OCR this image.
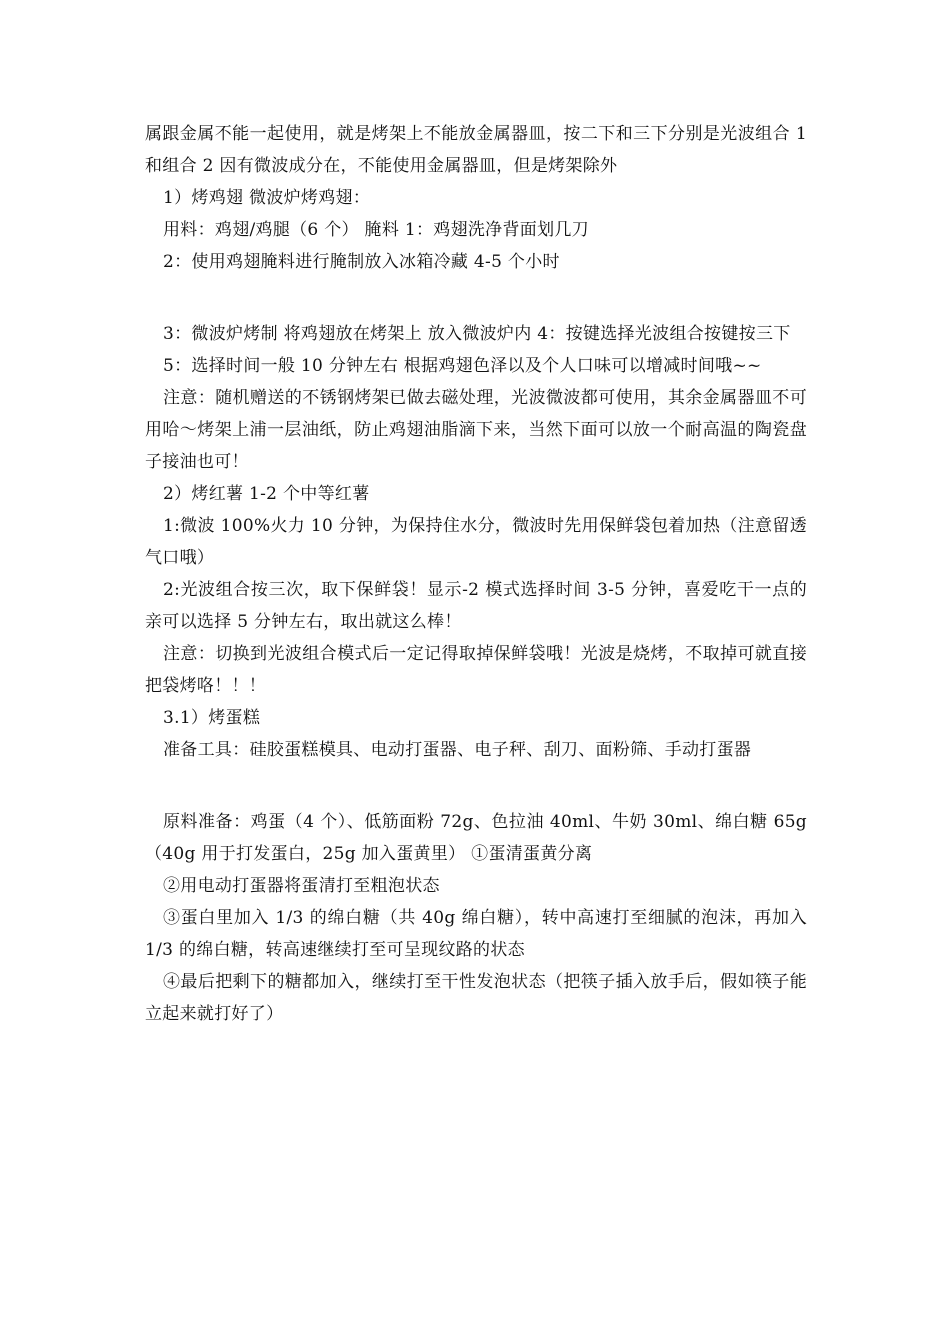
属跟金属不能一起使用，就是烤架上不能放金属器皿，按二下和三下分别是光波组合 1 和组合 2 因有微波成分在，不能使用金属器皿，但是烤架除外

1）烤鸡翅 微波炉烤鸡翅：

用料：鸡翅/鸡腿（6 个） 腌料 1：鸡翅洗净背面划几刀

2：使用鸡翅腌料进行腌制放入冰箱冷藏 4-5 个小时

3：微波炉烤制 将鸡翅放在烤架上 放入微波炉内 4：按键选择光波组合按键按三下

5：选择时间一般 10 分钟左右 根据鸡翅色泽以及个人口味可以增减时间哦~~

注意：随机赠送的不锈钢烤架已做去磁处理，光波微波都可使用，其余金属器皿不可用哈～烤架上浦一层油纸，防止鸡翅油脂滴下来，当然下面可以放一个耐高温的陶瓷盘子接油也可！

2）烤红薯 1-2 个中等红薯

1:微波 100%火力 10 分钟，为保持住水分，微波时先用保鲜袋包着加热（注意留透气口哦）

2:光波组合按三次，取下保鲜袋！显示-2 模式选择时间 3-5 分钟，喜爱吃干一点的亲可以选择 5 分钟左右，取出就这么棒！

注意：切换到光波组合模式后一定记得取掉保鲜袋哦！光波是烧烤，不取掉可就直接把袋烤咯！！！

3.1）烤蛋糕

准备工具：硅胶蛋糕模具、电动打蛋器、电子秤、刮刀、面粉筛、手动打蛋器

原料准备：鸡蛋（4 个）、低筋面粉 72g、色拉油 40ml、牛奶 30ml、绵白糖 65g（40g 用于打发蛋白，25g 加入蛋黄里） ①蛋清蛋黄分离

②用电动打蛋器将蛋清打至粗泡状态

③蛋白里加入 1/3 的绵白糖（共 40g 绵白糖），转中高速打至细腻的泡沫，再加入 1/3 的绵白糖，转高速继续打至可呈现纹路的状态

④最后把剩下的糖都加入，继续打至干性发泡状态（把筷子插入放手后，假如筷子能立起来就打好了）
